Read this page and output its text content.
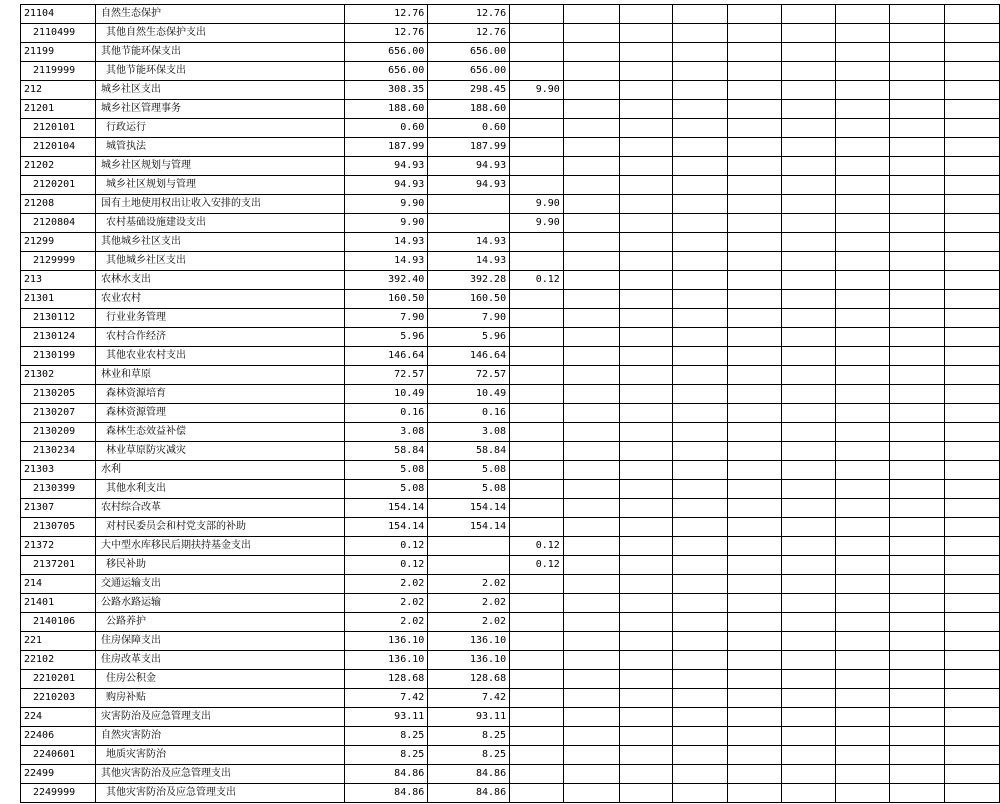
21104	自然生态保护	12.76	12.76									
2110499	其他自然生态保护支出	12.76	12.76									
21199	其他节能环保支出	656.00	656.00									
2119999	其他节能环保支出	656.00	656.00									
212	城乡社区支出	308.35	298.45	9.90								
21201	城乡社区管理事务	188.60	188.60									
2120101	行政运行	0.60	0.60									
2120104	城管执法	187.99	187.99									
21202	城乡社区规划与管理	94.93	94.93									
2120201	城乡社区规划与管理	94.93	94.93									
21208	国有土地使用权出让收入安排的支出	9.90		9.90								
2120804	农村基础设施建设支出	9.90		9.90								
21299	其他城乡社区支出	14.93	14.93									
2129999	其他城乡社区支出	14.93	14.93									
213	农林水支出	392.40	392.28	0.12								
21301	农业农村	160.50	160.50									
2130112	行业业务管理	7.90	7.90									
2130124	农村合作经济	5.96	5.96									
2130199	其他农业农村支出	146.64	146.64									
21302	林业和草原	72.57	72.57									
2130205	森林资源培育	10.49	10.49									
2130207	森林资源管理	0.16	0.16									
2130209	森林生态效益补偿	3.08	3.08									
2130234	林业草原防灾减灾	58.84	58.84									
21303	水利	5.08	5.08									
2130399	其他水利支出	5.08	5.08									
21307	农村综合改革	154.14	154.14									
2130705	对村民委员会和村党支部的补助	154.14	154.14									
21372	大中型水库移民后期扶持基金支出	0.12		0.12								
2137201	移民补助	0.12		0.12								
214	交通运输支出	2.02	2.02									
21401	公路水路运输	2.02	2.02									
2140106	公路养护	2.02	2.02									
221	住房保障支出	136.10	136.10									
22102	住房改革支出	136.10	136.10									
2210201	住房公积金	128.68	128.68									
2210203	购房补贴	7.42	7.42									
224	灾害防治及应急管理支出	93.11	93.11									
22406	自然灾害防治	8.25	8.25									
2240601	地质灾害防治	8.25	8.25									
22499	其他灾害防治及应急管理支出	84.86	84.86									
2249999	其他灾害防治及应急管理支出	84.86	84.86									
